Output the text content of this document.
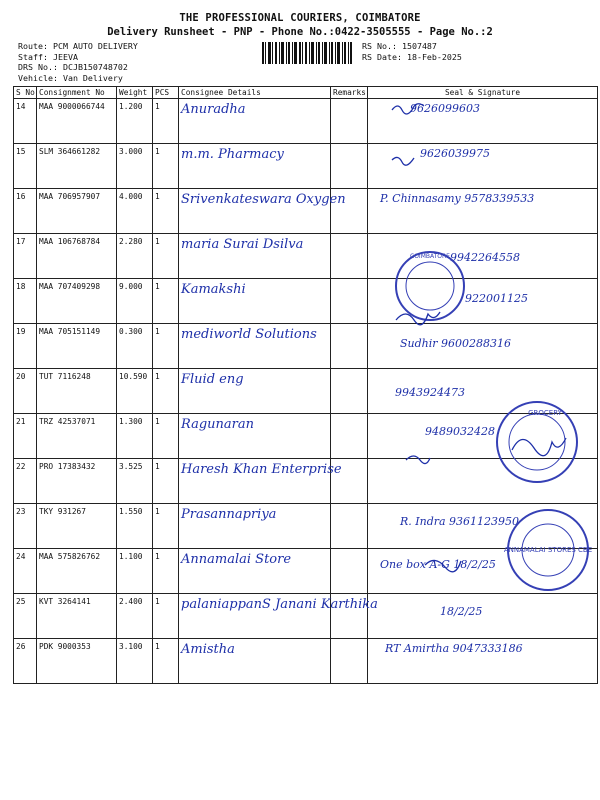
THE PROFESSIONAL COURIERS, COIMBATORE
Delivery Runsheet - PNP - Phone No.:0422-3505555 - Page No.:2
Route: PCM AUTO DELIVERY
Staff: JEEVA
DRS No.: DCJB150748702
Vehicle: Van Delivery
RS No.: 1507487
RS Date: 18-Feb-2025
S No	Consignment No	Weight	PCS	Consignee Details	Remarks	Seal & Signature
14	MAA 9000066744	1.200	1	Anuradha		9626099603
15	SLM 364661282	3.000	1	m.m. Pharmacy		9626039975
16	MAA 706957907	4.000	1	Srivenkateswara Oxygen		P. Chinnasamy 9578339533
17	MAA 106768784	2.280	1	maria Surai Dsilva		9942264558
18	MAA 707409298	9.000	1	Kamakshi		922001125
19	MAA 705151149	0.300	1	mediworld Solutions		Sudhir 9600288316
20	TUT 7116248	10.590	1	Fluid eng		9943924473
21	TRZ 42537071	1.300	1	Ragunaran		9489032428
22	PRO 17383432	3.525	1	Haresh Khan Enterprise		
23	TKY 931267	1.550	1	Prasannapriya		R. Indra 9361123950
24	MAA 575826762	1.100	1	Annamalai Store		One box A-G 18/2/25
25	KVT 3264141	2.400	1	palaniappanS Janani Karthika		18/2/25
26	PDK 9000353	3.100	1	Amistha		RT Amirtha 9047333186
COIMBATORE
GROCERY
ANNAMALAI STORES CBE
